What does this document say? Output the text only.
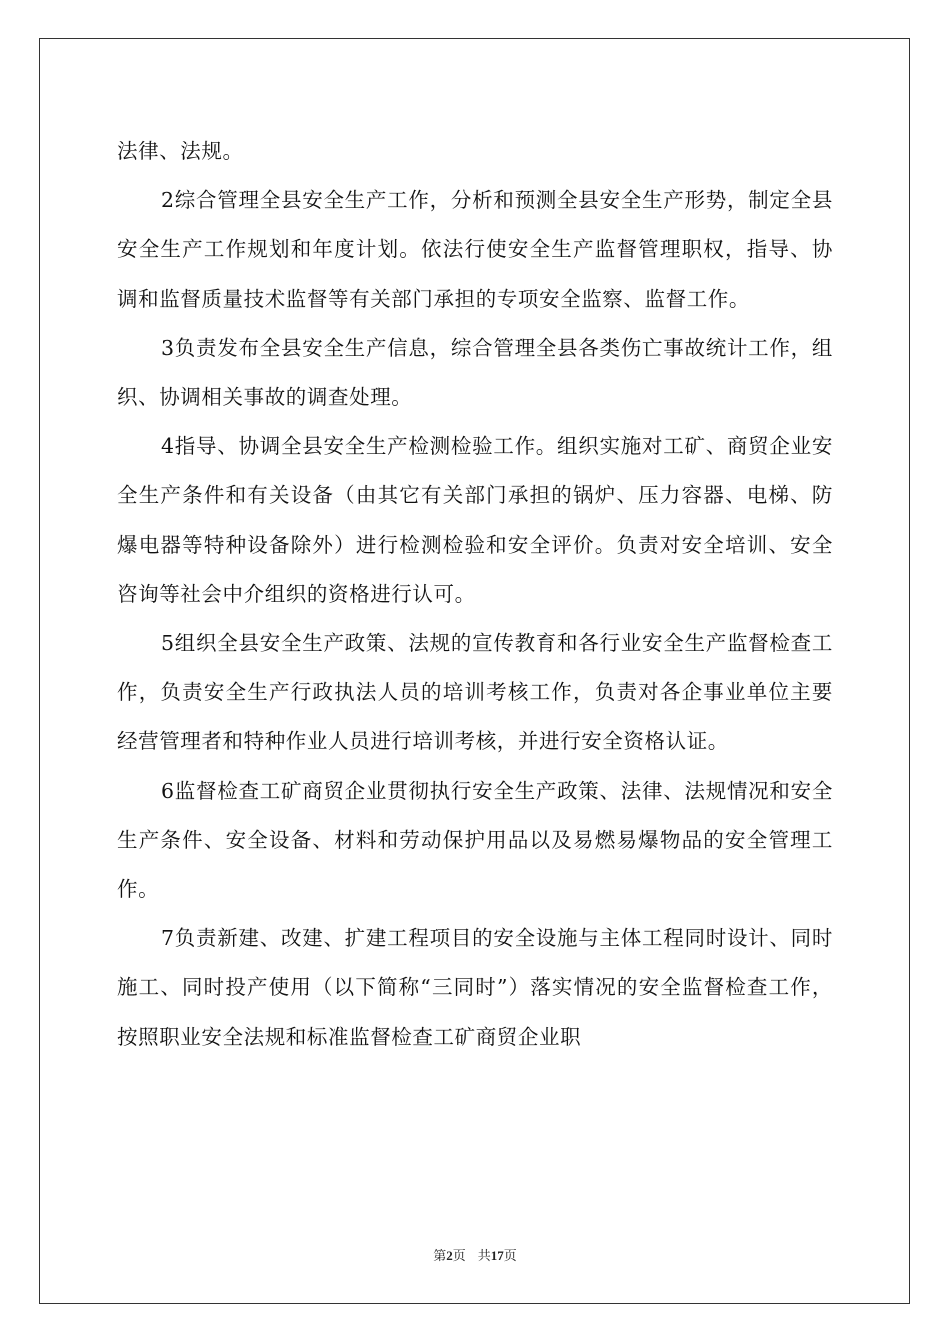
法律、法规。

2综合管理全县安全生产工作，分析和预测全县安全生产形势，制定全县安全生产工作规划和年度计划。依法行使安全生产监督管理职权，指导、协调和监督质量技术监督等有关部门承担的专项安全监察、监督工作。

3负责发布全县安全生产信息，综合管理全县各类伤亡事故统计工作，组织、协调相关事故的调查处理。

4指导、协调全县安全生产检测检验工作。组织实施对工矿、商贸企业安全生产条件和有关设备（由其它有关部门承担的锅炉、压力容器、电梯、防爆电器等特种设备除外）进行检测检验和安全评价。负责对安全培训、安全咨询等社会中介组织的资格进行认可。

5组织全县安全生产政策、法规的宣传教育和各行业安全生产监督检查工作，负责安全生产行政执法人员的培训考核工作，负责对各企事业单位主要经营管理者和特种作业人员进行培训考核，并进行安全资格认证。

6监督检查工矿商贸企业贯彻执行安全生产政策、法律、法规情况和安全生产条件、安全设备、材料和劳动保护用品以及易燃易爆物品的安全管理工作。

7负责新建、改建、扩建工程项目的安全设施与主体工程同时设计、同时施工、同时投产使用（以下简称“三同时”）落实情况的安全监督检查工作，按照职业安全法规和标准监督检查工矿商贸企业职

第2页 共17页
